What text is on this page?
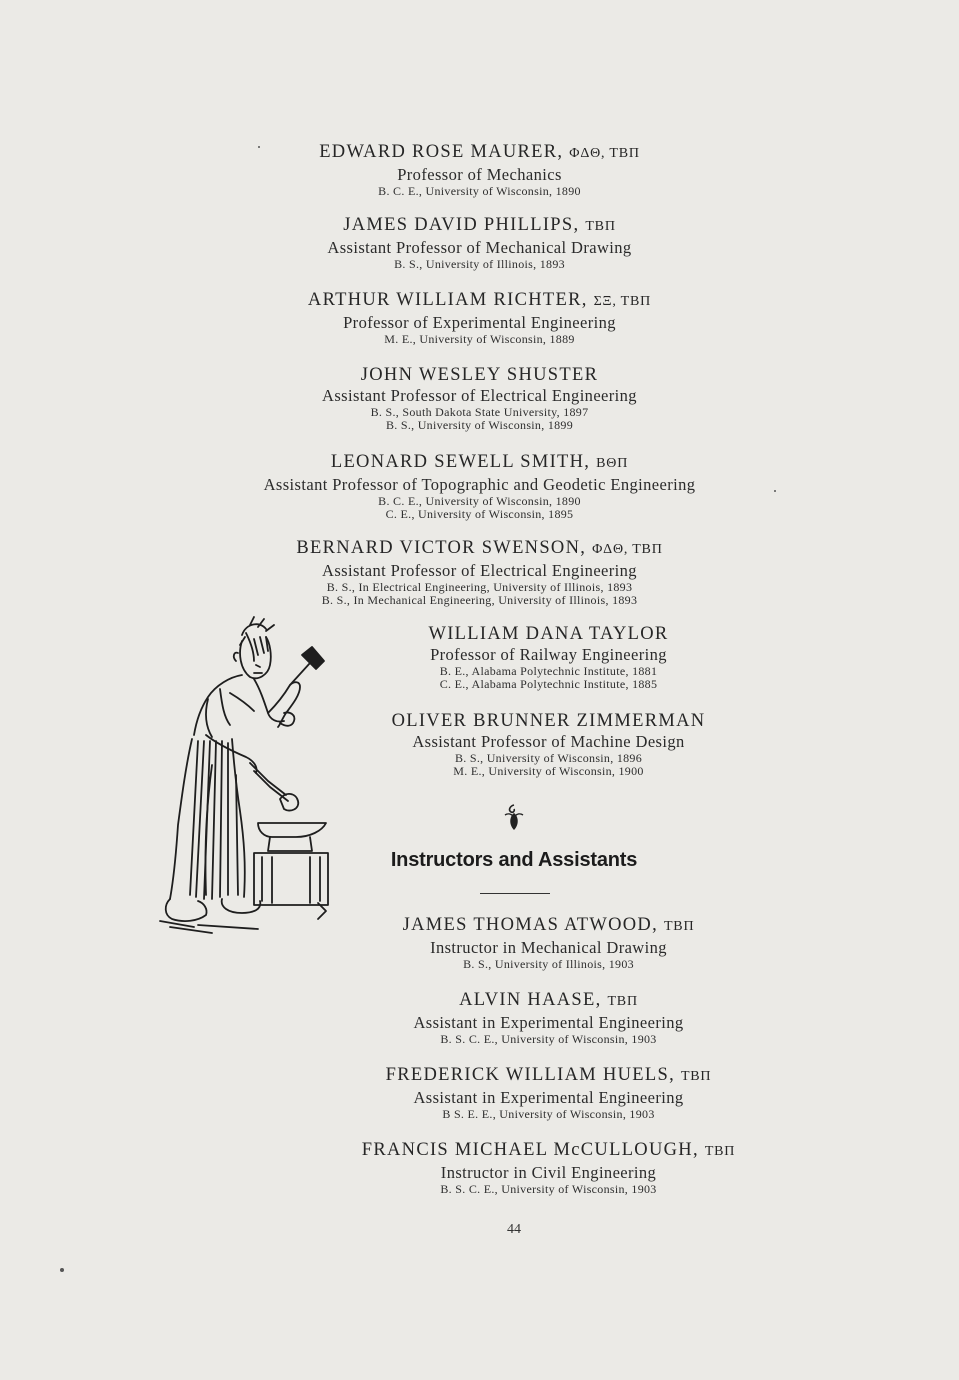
EDWARD ROSE MAURER, ΦΔΘ, ΤΒΠ
Professor of Mechanics
B. C. E., University of Wisconsin, 1890
JAMES DAVID PHILLIPS, ΤΒΠ
Assistant Professor of Mechanical Drawing
B. S., University of Illinois, 1893
ARTHUR WILLIAM RICHTER, ΣΞ, ΤΒΠ
Professor of Experimental Engineering
M. E., University of Wisconsin, 1889
JOHN WESLEY SHUSTER
Assistant Professor of Electrical Engineering
B. S., South Dakota State University, 1897
B. S., University of Wisconsin, 1899
LEONARD SEWELL SMITH, ΒΘΠ
Assistant Professor of Topographic and Geodetic Engineering
B. C. E., University of Wisconsin, 1890
C. E., University of Wisconsin, 1895
BERNARD VICTOR SWENSON, ΦΔΘ, ΤΒΠ
Assistant Professor of Electrical Engineering
B. S., In Electrical Engineering, University of Illinois, 1893
B. S., In Mechanical Engineering, University of Illinois, 1893
WILLIAM DANA TAYLOR
Professor of Railway Engineering
B. E., Alabama Polytechnic Institute, 1881
C. E., Alabama Polytechnic Institute, 1885
OLIVER BRUNNER ZIMMERMAN
Assistant Professor of Machine Design
B. S., University of Wisconsin, 1896
M. E., University of Wisconsin, 1900
Instructors and Assistants
JAMES THOMAS ATWOOD, ΤΒΠ
Instructor in Mechanical Drawing
B. S., University of Illinois, 1903
ALVIN HAASE, ΤΒΠ
Assistant in Experimental Engineering
B. S. C. E., University of Wisconsin, 1903
FREDERICK WILLIAM HUELS, ΤΒΠ
Assistant in Experimental Engineering
B S. E. E., University of Wisconsin, 1903
FRANCIS MICHAEL McCULLOUGH, ΤΒΠ
Instructor in Civil Engineering
B. S. C. E., University of Wisconsin, 1903
44
